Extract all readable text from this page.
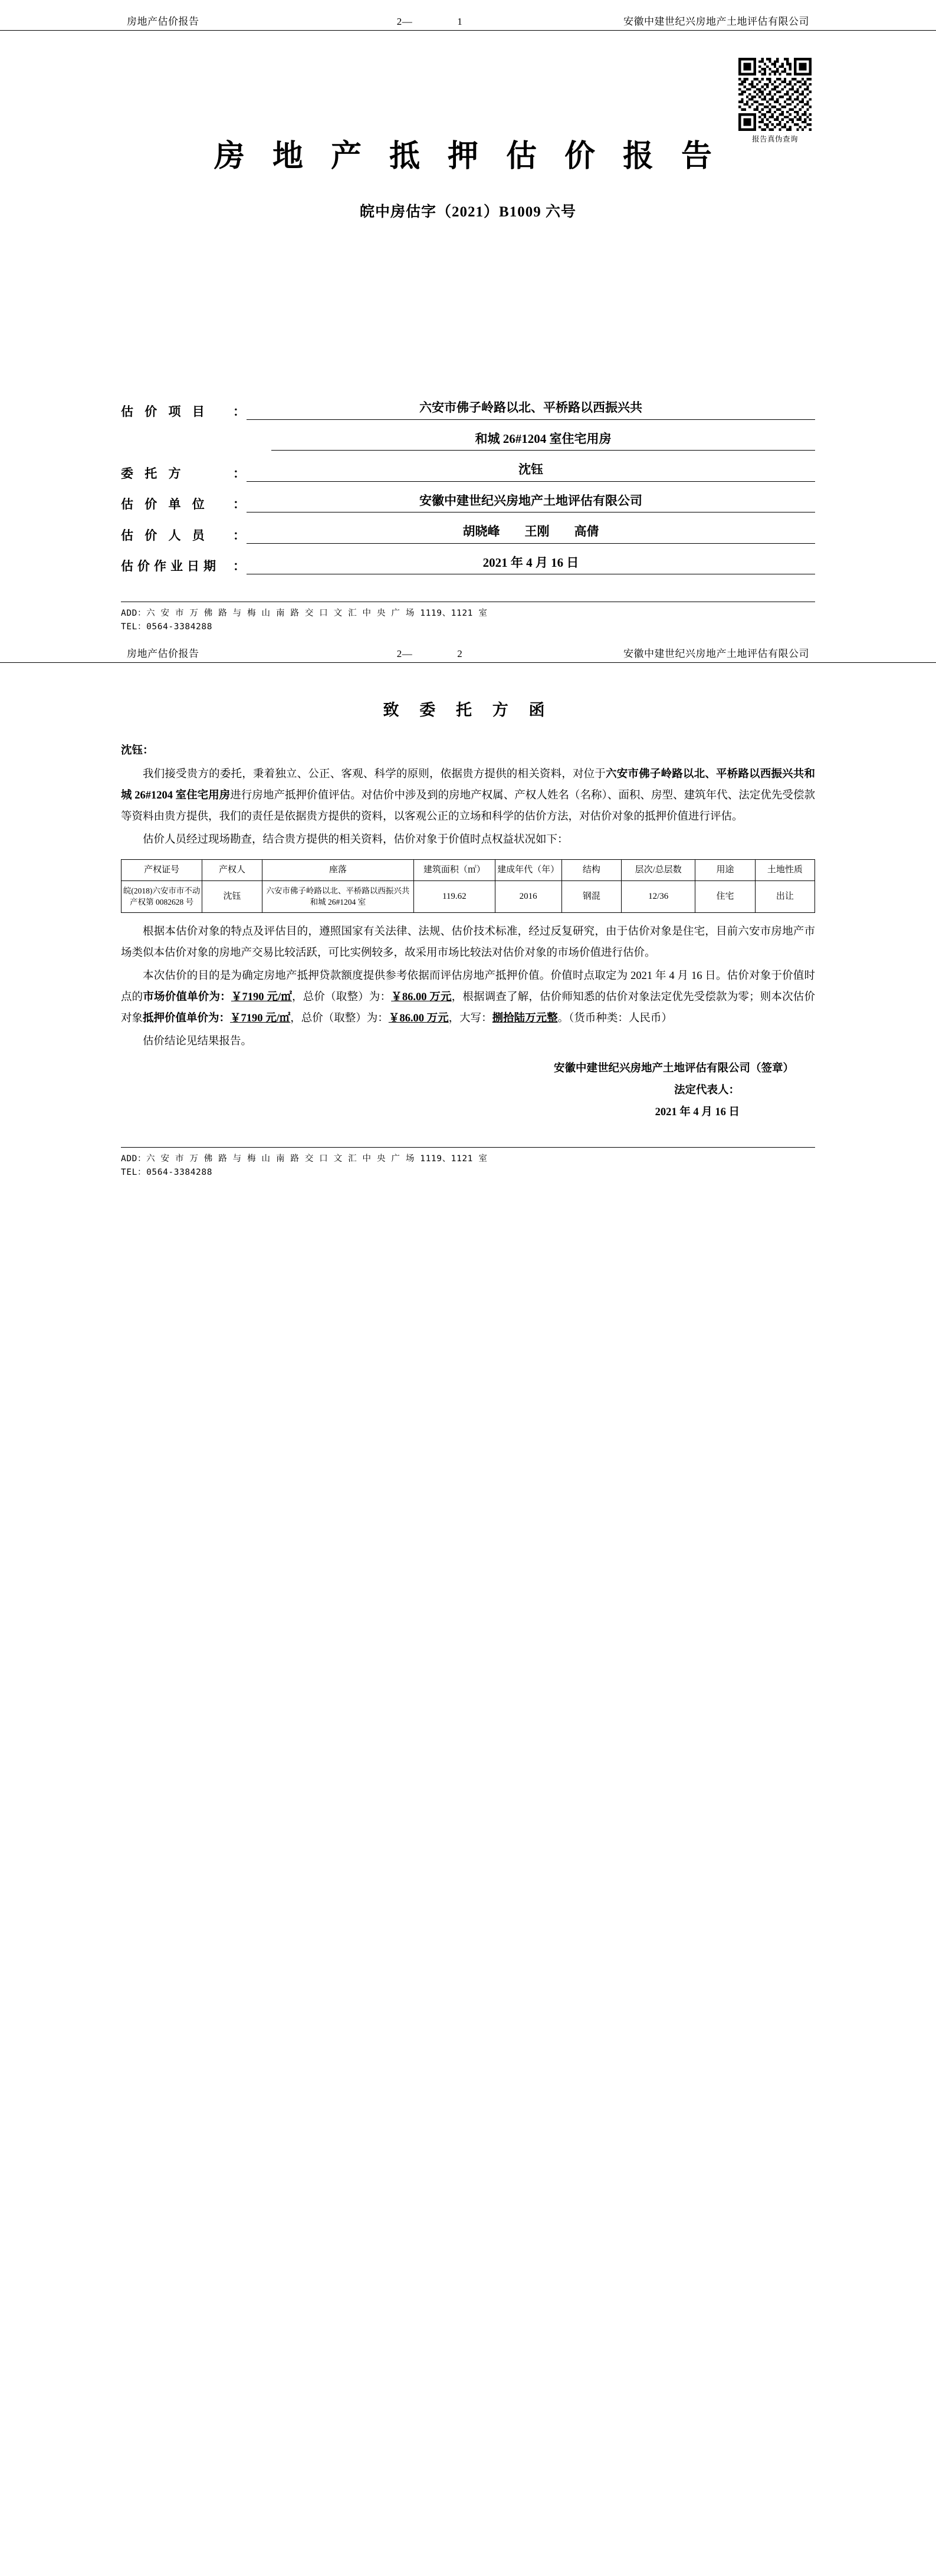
房地产估价报告	2—	1	安徽中建世纪兴房地产土地评估有限公司
报告真伪查询
房 地 产 抵 押 估 价 报 告
皖中房估字（2021）B1009 六号
估 价 项 目	：	六安市佛子岭路以北、平桥路以西振兴共
和城 26#1204 室住宅用房
委 托 方	：	沈钰
估 价 单 位	：	安徽中建世纪兴房地产土地评估有限公司
估 价 人 员	：	胡晓峰　　王刚　　高倩
估价作业日期	：	2021 年 4 月 16 日
ADD：六 安 市 万 佛 路 与 梅 山 南 路 交 口 文 汇 中 央 广 场 1119、1121 室
TEL：0564-3384288
房地产估价报告	2—	2	安徽中建世纪兴房地产土地评估有限公司
致 委 托 方 函
沈钰：

我们接受贵方的委托，秉着独立、公正、客观、科学的原则，依据贵方提供的相关资料，对位于六安市佛子岭路以北、平桥路以西振兴共和城 26#1204 室住宅用房进行房地产抵押价值评估。对估价中涉及到的房地产权属、产权人姓名（名称）、面积、房型、建筑年代、法定优先受偿款等资料由贵方提供，我们的责任是依据贵方提供的资料，以客观公正的立场和科学的估价方法，对估价对象的抵押价值进行评估。

估价人员经过现场勘查，结合贵方提供的相关资料，估价对象于价值时点权益状况如下：

产权证号	产权人	座落	建筑面积（㎡）	建成年代（年）	结构	层次/总层数	用途	土地性质
皖(2018)六安市市不动产权第 0082628 号	沈钰	六安市佛子岭路以北、平桥路以西振兴共和城 26#1204 室	119.62	2016	钢混	12/36	住宅	出让

根据本估价对象的特点及评估目的，遵照国家有关法律、法规、估价技术标准，经过反复研究，由于估价对象是住宅，目前六安市房地产市场类似本估价对象的房地产交易比较活跃，可比实例较多，故采用市场比较法对估价对象的市场价值进行估价。

本次估价的目的是为确定房地产抵押贷款额度提供参考依据而评估房地产抵押价值。价值时点取定为 2021 年 4 月 16 日。估价对象于价值时点的市场价值单价为：￥7190 元/㎡，总价（取整）为：￥86.00 万元，根据调查了解，估价师知悉的估价对象法定优先受偿款为零；则本次估价对象抵押价值单价为：￥7190 元/㎡，总价（取整）为：￥86.00 万元，大写：捌拾陆万元整。（货币种类：人民币）

估价结论见结果报告。

安徽中建世纪兴房地产土地评估有限公司（签章）
法定代表人：
2021 年 4 月 16 日
ADD：六 安 市 万 佛 路 与 梅 山 南 路 交 口 文 汇 中 央 广 场 1119、1121 室
TEL：0564-3384288
